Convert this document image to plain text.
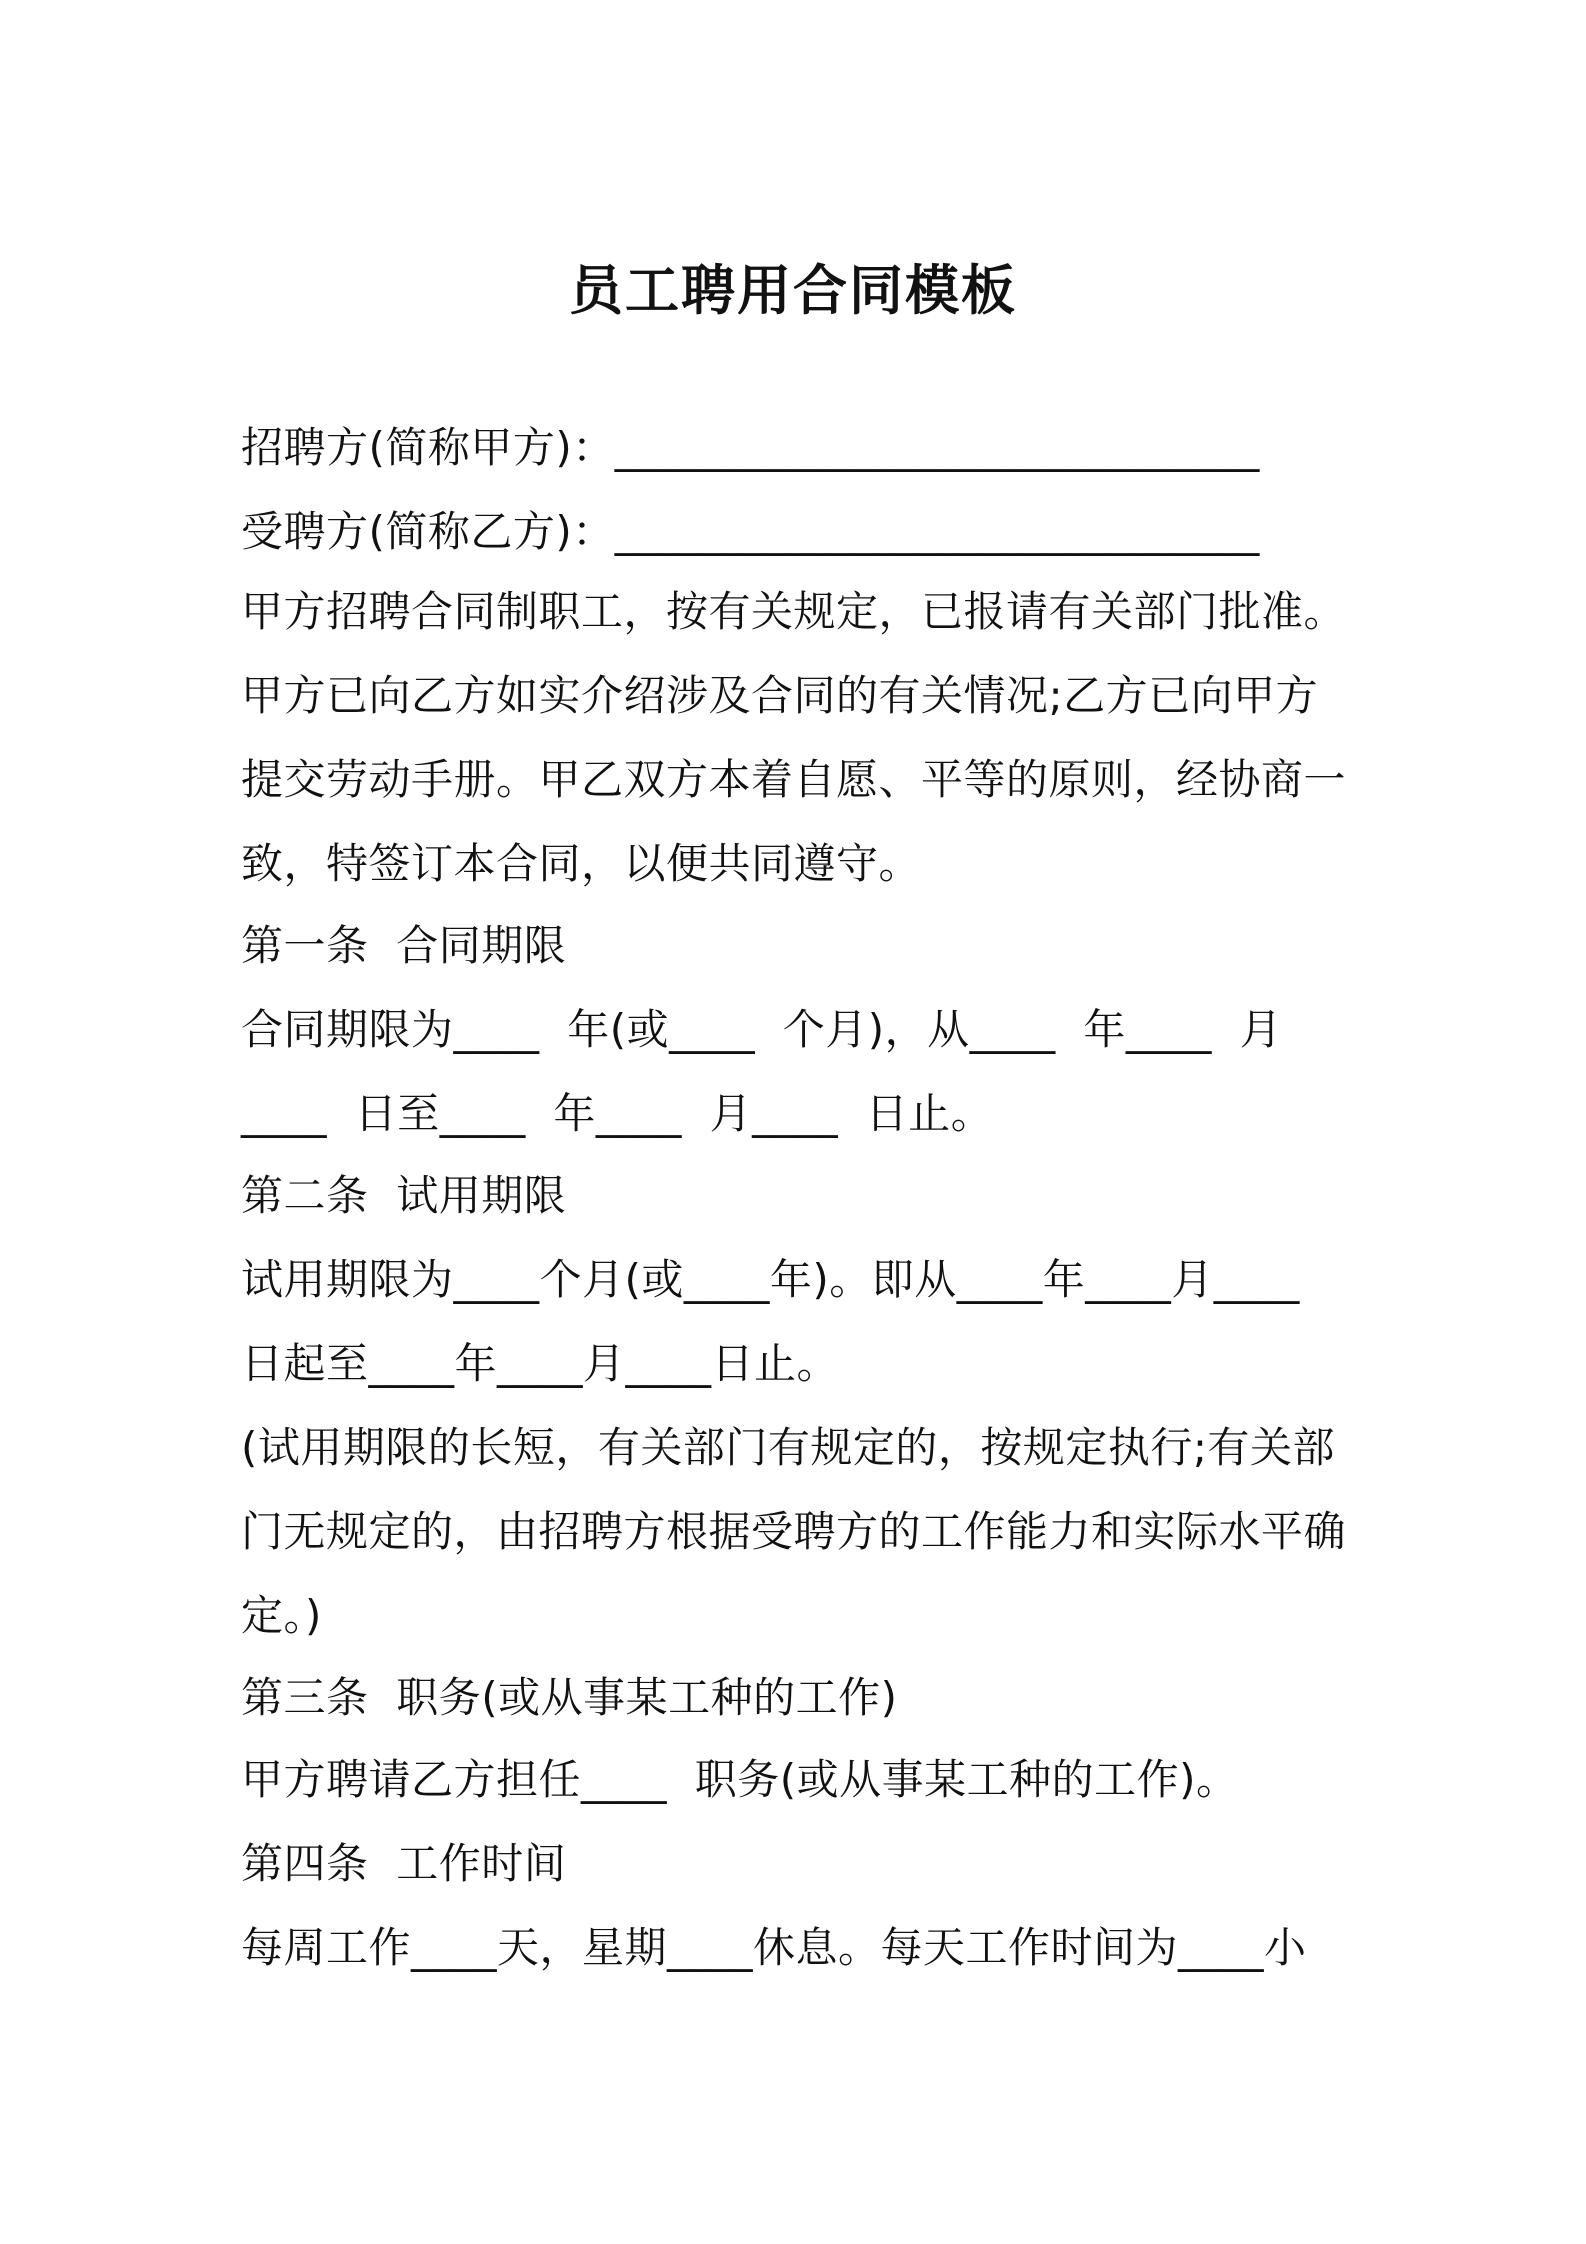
员工聘用合同模板
招聘方(简称甲方)：______________________________
受聘方(简称乙方)：______________________________
甲方招聘合同制职工，按有关规定，已报请有关部门批准。
甲方已向乙方如实介绍涉及合同的有关情况;乙方已向甲方
提交劳动手册。甲乙双方本着自愿、平等的原则，经协商一
致，特签订本合同，以便共同遵守。
第一条  合同期限
合同期限为____  年(或____  个月)，从____  年____  月
____  日至____  年____  月____  日止。
第二条  试用期限
试用期限为____个月(或____年)。即从____年____月____
日起至____年____月____日止。
(试用期限的长短，有关部门有规定的，按规定执行;有关部
门无规定的，由招聘方根据受聘方的工作能力和实际水平确
定。)
第三条  职务(或从事某工种的工作)
甲方聘请乙方担任____  职务(或从事某工种的工作)。
第四条  工作时间
每周工作____天，星期____休息。每天工作时间为____小
